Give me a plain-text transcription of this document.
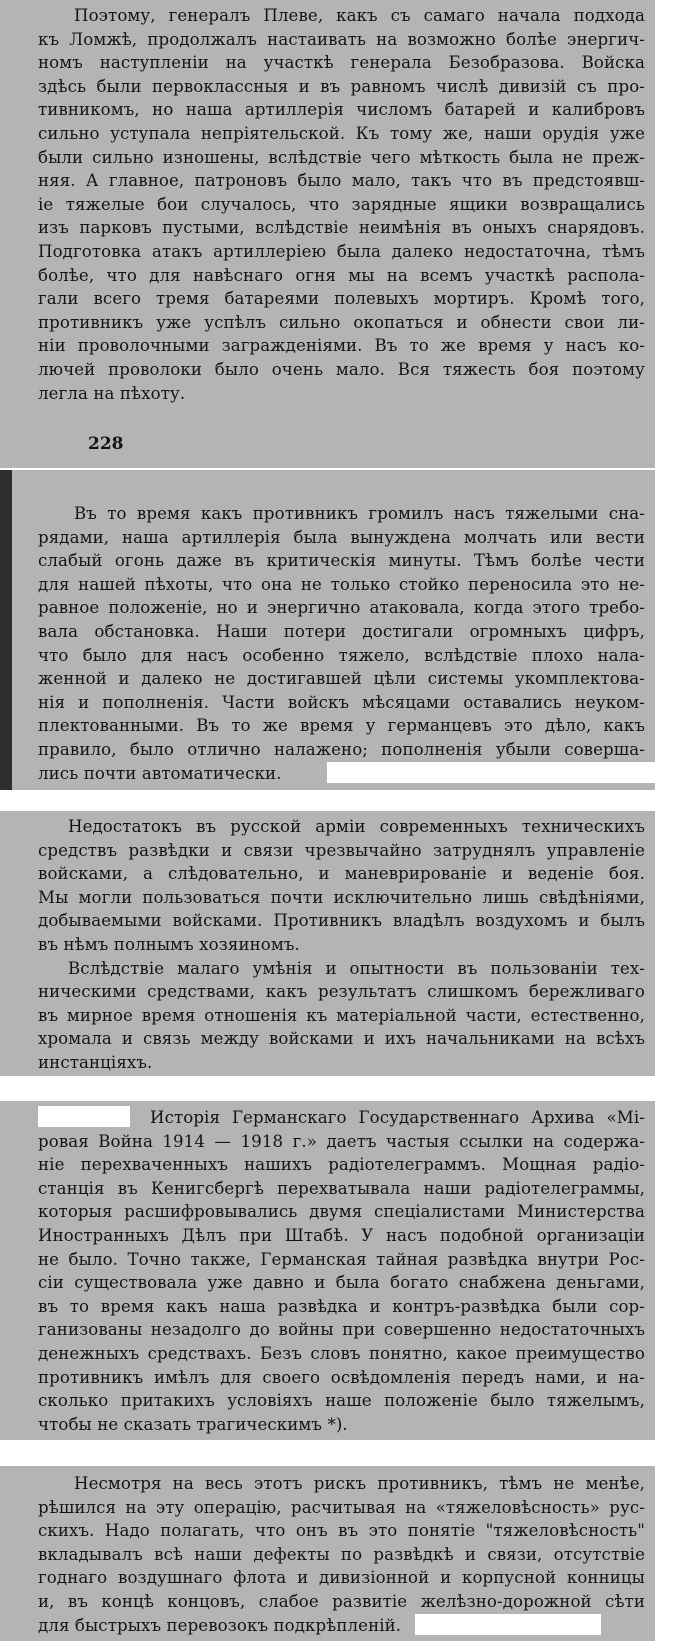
Поэтому, генералъ Плеве, какъ съ самаго начала подхода

къ Ломжѣ, продолжалъ настаивать на возможно болѣе энергич-

номъ наступленіи на участкѣ генерала Безобразова. Войска

здѣсь были первоклассныя и въ равномъ числѣ дивизій съ про-

тивникомъ, но наша артиллерія числомъ батарей и калибровъ

сильно уступала непріятельской. Къ тому же, наши орудія уже

были сильно изношены, вслѣдствіе чего мѣткость была не преж-

няя. А главное, патроновъ было мало, такъ что въ предстоявш-

іе тяжелые бои случалось, что зарядные ящики возвращались

изъ парковъ пустыми, вслѣдствіе неимѣнія въ оныхъ снарядовъ.

Подготовка атакъ артиллеріею была далеко недостаточна, тѣмъ

болѣе, что для навѣснаго огня мы на всемъ участкѣ распола-

гали всего тремя батареями полевыхъ мортиръ. Кромѣ того,

противникъ уже успѣлъ сильно окопаться и обнести свои ли-

ніи проволочными загражденіями. Въ то же время у насъ ко-

лючей проволоки было очень мало. Вся тяжесть боя поэтому

легла на пѣхоту.

228

Въ то время какъ противникъ громилъ насъ тяжелыми сна-

рядами, наша артиллерія была вынуждена молчать или вести

слабый огонь даже въ критическія минуты. Тѣмъ болѣе чести

для нашей пѣхоты, что она не только стойко переносила это не-

равное положеніе, но и энергично атаковала, когда этого требо-

вала обстановка. Наши потери достигали огромныхъ цифръ,

что было для насъ особенно тяжело, вслѣдствіе плохо нала-

женной и далеко не достигавшей цѣли системы укомплектова-

нія и пополненія. Части войскъ мѣсяцами оставались неуком-

плектованными. Въ то же время у германцевъ это дѣло, какъ

правило, было отлично налажено; пополненія убыли соверша-

лись почти автоматически.

Недостатокъ въ русской арміи современныхъ техническихъ

средствъ развѣдки и связи чрезвычайно затруднялъ управленіе

войсками, а слѣдовательно, и маневрированіе и веденіе боя.

Мы могли пользоваться почти исключительно лишь свѣдѣніями,

добываемыми войсками. Противникъ владѣлъ воздухомъ и былъ

въ нѣмъ полнымъ хозяиномъ.

Вслѣдствіе малаго умѣнія и опытности въ пользованіи тех-

ническими средствами, какъ результатъ слишкомъ бережливаго

въ мирное время отношенія къ матеріальной части, естественно,

хромала и связь между войсками и ихъ начальниками на всѣхъ

инстанціяхъ.

Исторія Германскаго Государственнаго Архива «Мі-

ровая Война 1914 — 1918 г.» даетъ частыя ссылки на содержа-

ніе перехваченныхъ нашихъ радіотелеграммъ. Мощная радіо-

станція въ Кенигсбергѣ перехватывала наши радіотелеграммы,

которыя расшифровывались двумя спеціалистами Министерства

Иностранныхъ Дѣлъ при Штабѣ. У насъ подобной организаціи

не было. Точно также, Германская тайная развѣдка внутри Рос-

сіи существовала уже давно и была богато снабжена деньгами,

въ то время какъ наша развѣдка и контръ-развѣдка были сор-

ганизованы незадолго до войны при совершенно недостаточныхъ

денежныхъ средствахъ. Безъ словъ понятно, какое преимущество

противникъ имѣлъ для своего освѣдомленія передъ нами, и на-

сколько притакихъ условіяхъ наше положеніе было тяжелымъ,

чтобы не сказать трагическимъ *).

Несмотря на весь этотъ рискъ противникъ, тѣмъ не менѣе,

рѣшился на эту операцію, расчитывая на «тяжеловѣсность» рус-

скихъ. Надо полагать, что онъ въ это понятіе "тяжеловѣсность"

вкладывалъ всѣ наши дефекты по развѣдкѣ и связи, отсутствіе

годнаго воздушнаго флота и дивизіонной и корпусной конницы

и, въ концѣ концовъ, слабое развитіе желѣзно-дорожной сѣти

для быстрыхъ перевозокъ подкрѣпленій.
